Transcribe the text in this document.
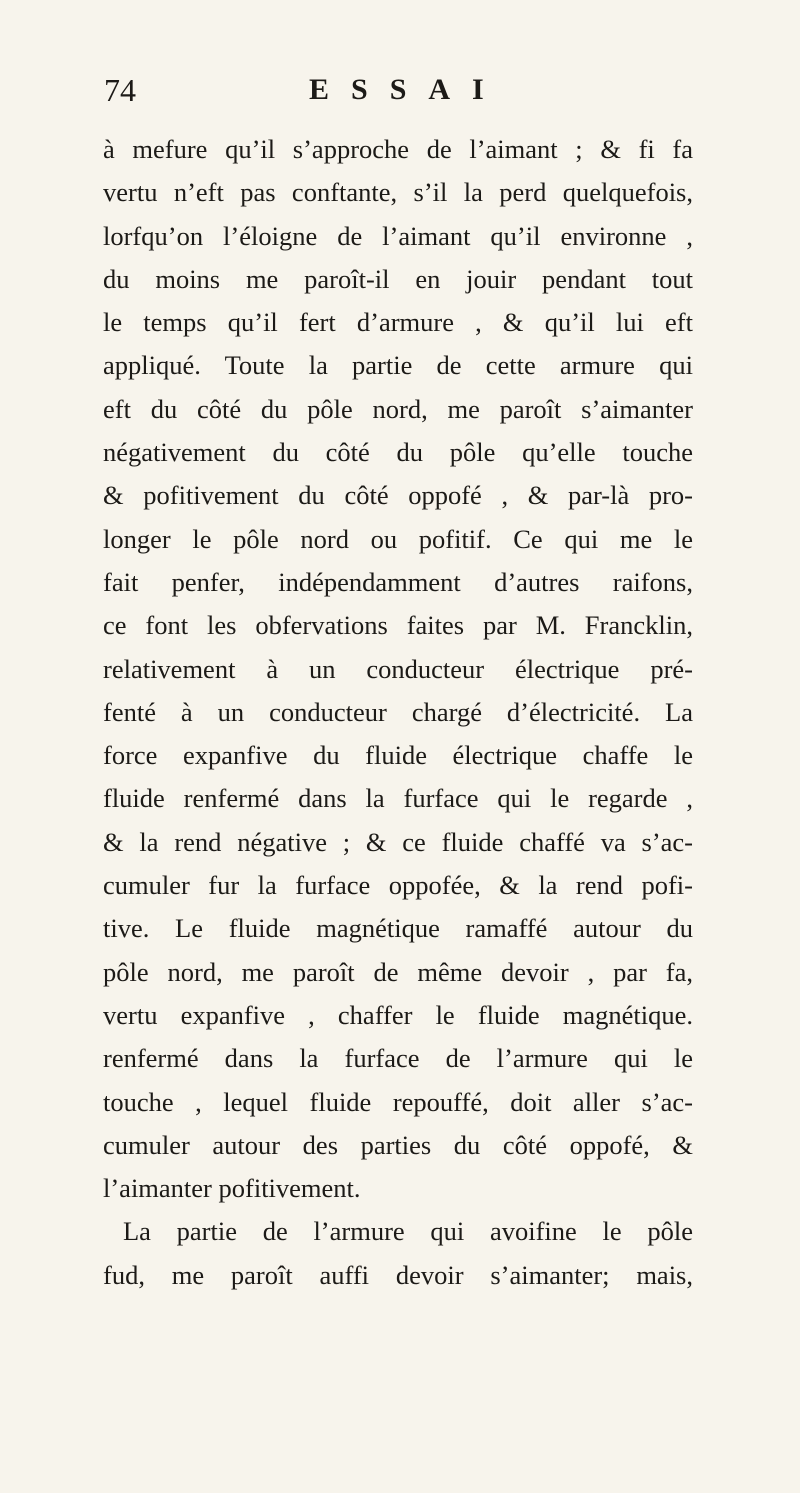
74	ESSAI
à mefure qu’il s’approche de l’aimant ; & fi fa
vertu n’eft pas conftante, s’il la perd quelquefois,
lorfqu’on l’éloigne de l’aimant qu’il environne ,
du moins me paroît-il en jouir pendant tout
le temps qu’il fert d’armure , & qu’il lui eft
appliqué. Toute la partie de cette armure qui
eft du côté du pôle nord, me paroît s’aimanter
négativement du côté du pôle qu’elle touche
& pofitivement du côté oppofé , & par-là pro-
longer le pôle nord ou pofitif. Ce qui me le
fait penfer, indépendamment d’autres raifons,
ce font les obfervations faites par M. Francklin,
relativement à un conducteur électrique pré-
fenté à un conducteur chargé d’électricité. La
force expanfive du fluide électrique chaffe le
fluide renfermé dans la furface qui le regarde ,
& la rend négative ; & ce fluide chaffé va s’ac-
cumuler fur la furface oppofée, & la rend pofi-
tive. Le fluide magnétique ramaffé autour du
pôle nord, me paroît de même devoir , par fa,
vertu expanfive , chaffer le fluide magnétique.
renfermé dans la furface de l’armure qui le
touche , lequel fluide repouffé, doit aller s’ac-
cumuler autour des parties du côté oppofé, &
l’aimanter pofitivement.
La partie de l’armure qui avoifine le pôle
fud, me paroît auffi devoir s’aimanter; mais,
